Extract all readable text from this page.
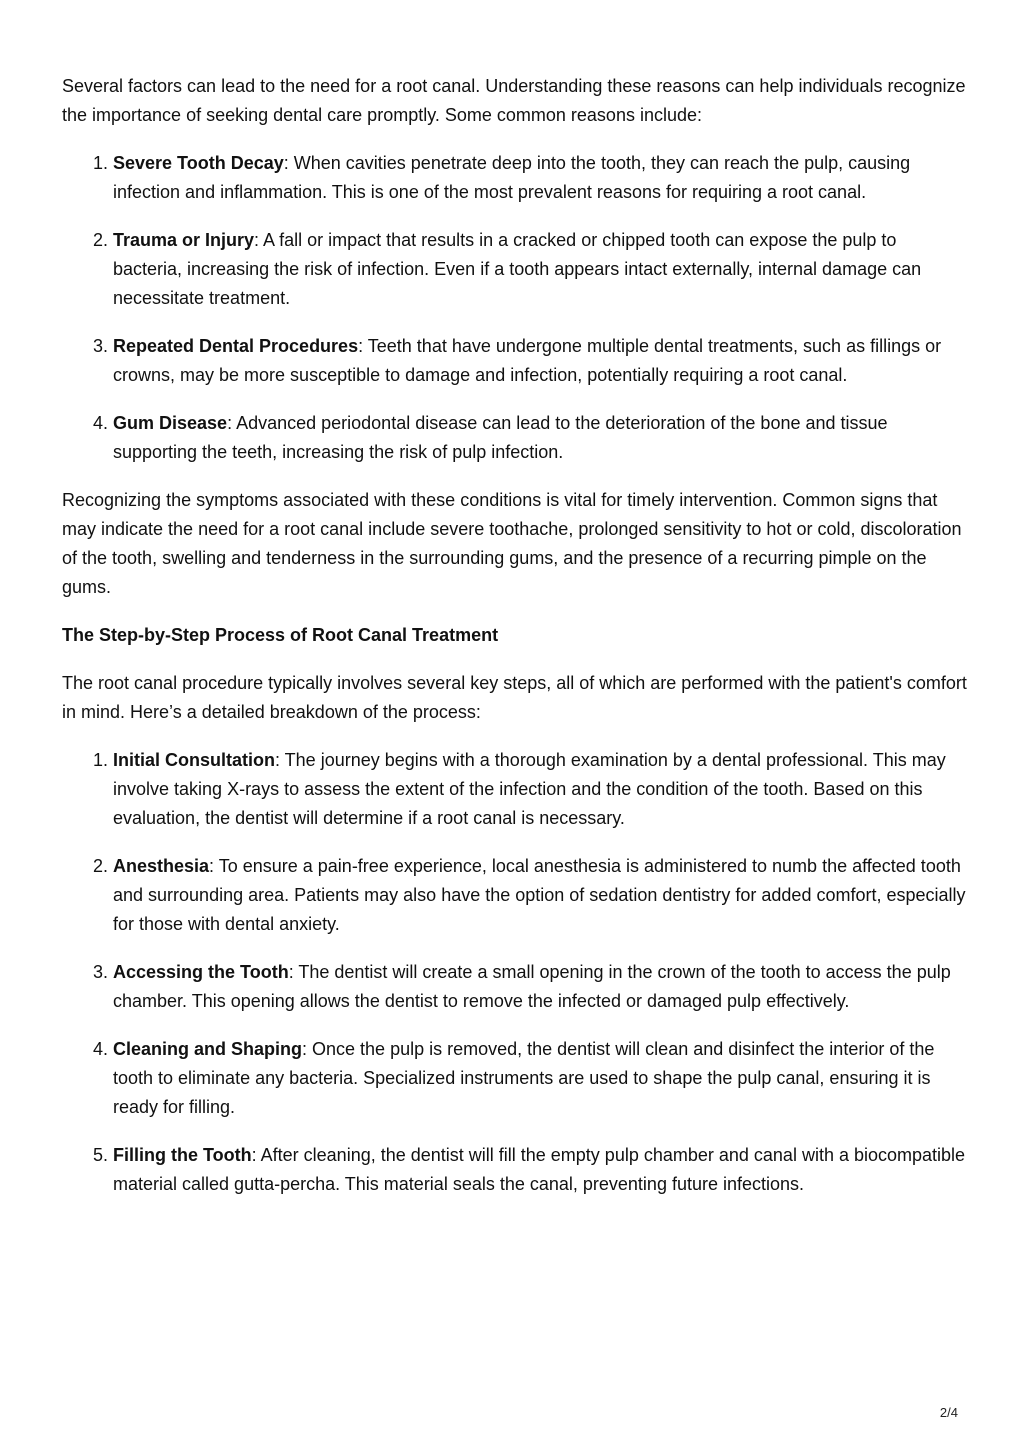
Several factors can lead to the need for a root canal. Understanding these reasons can help individuals recognize the importance of seeking dental care promptly. Some common reasons include:

1. Severe Tooth Decay: When cavities penetrate deep into the tooth, they can reach the pulp, causing infection and inflammation. This is one of the most prevalent reasons for requiring a root canal.
2. Trauma or Injury: A fall or impact that results in a cracked or chipped tooth can expose the pulp to bacteria, increasing the risk of infection. Even if a tooth appears intact externally, internal damage can necessitate treatment.
3. Repeated Dental Procedures: Teeth that have undergone multiple dental treatments, such as fillings or crowns, may be more susceptible to damage and infection, potentially requiring a root canal.
4. Gum Disease: Advanced periodontal disease can lead to the deterioration of the bone and tissue supporting the teeth, increasing the risk of pulp infection.

Recognizing the symptoms associated with these conditions is vital for timely intervention. Common signs that may indicate the need for a root canal include severe toothache, prolonged sensitivity to hot or cold, discoloration of the tooth, swelling and tenderness in the surrounding gums, and the presence of a recurring pimple on the gums.

The Step-by-Step Process of Root Canal Treatment

The root canal procedure typically involves several key steps, all of which are performed with the patient's comfort in mind. Here’s a detailed breakdown of the process:

1. Initial Consultation: The journey begins with a thorough examination by a dental professional. This may involve taking X-rays to assess the extent of the infection and the condition of the tooth. Based on this evaluation, the dentist will determine if a root canal is necessary.
2. Anesthesia: To ensure a pain-free experience, local anesthesia is administered to numb the affected tooth and surrounding area. Patients may also have the option of sedation dentistry for added comfort, especially for those with dental anxiety.
3. Accessing the Tooth: The dentist will create a small opening in the crown of the tooth to access the pulp chamber. This opening allows the dentist to remove the infected or damaged pulp effectively.
4. Cleaning and Shaping: Once the pulp is removed, the dentist will clean and disinfect the interior of the tooth to eliminate any bacteria. Specialized instruments are used to shape the pulp canal, ensuring it is ready for filling.
5. Filling the Tooth: After cleaning, the dentist will fill the empty pulp chamber and canal with a biocompatible material called gutta-percha. This material seals the canal, preventing future infections.
2/4
